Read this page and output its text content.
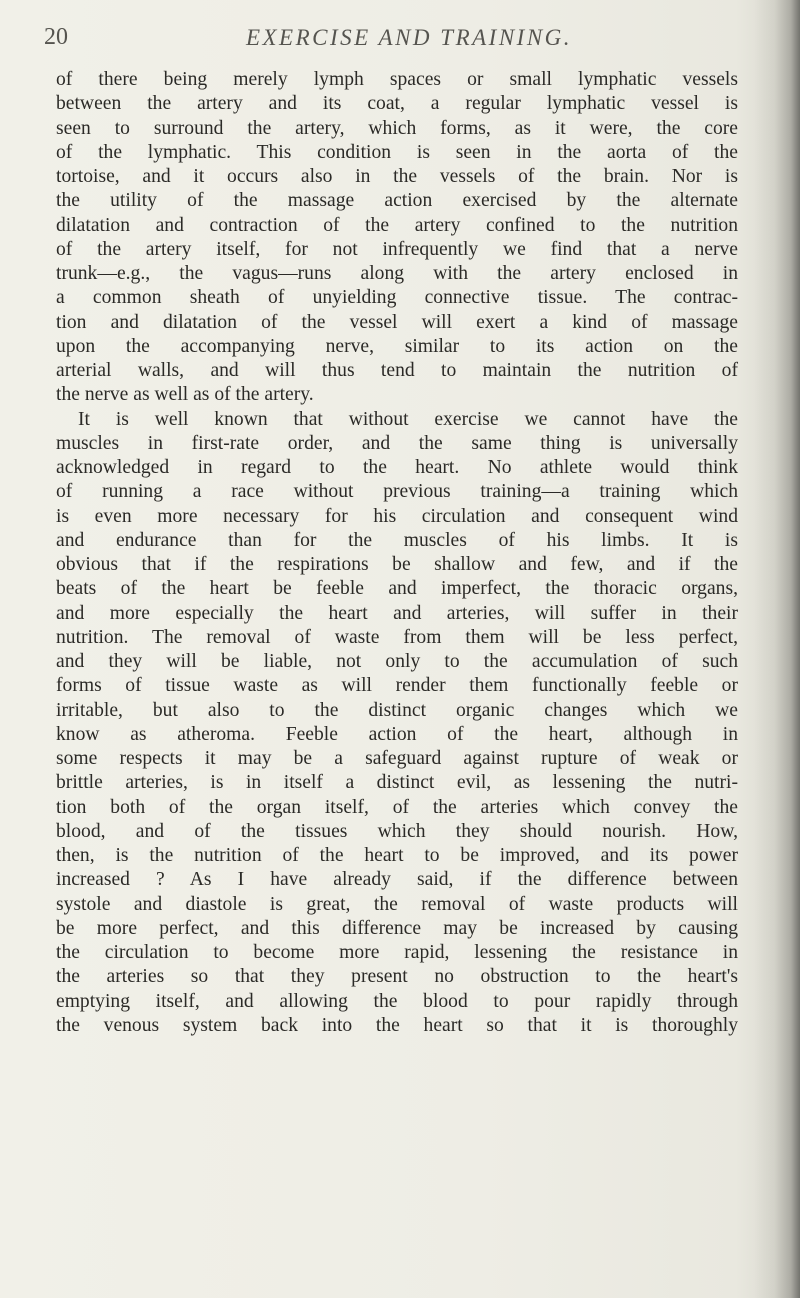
20	EXERCISE AND TRAINING.
of there being merely lymph spaces or small lymphatic vessels
between the artery and its coat, a regular lymphatic vessel is
seen to surround the artery, which forms, as it were, the core
of the lymphatic. This condition is seen in the aorta of the
tortoise, and it occurs also in the vessels of the brain. Nor is
the utility of the massage action exercised by the alternate
dilatation and contraction of the artery confined to the nutrition
of the artery itself, for not infrequently we find that a nerve
trunk—e.g., the vagus—runs along with the artery enclosed in
a common sheath of unyielding connective tissue. The contrac-
tion and dilatation of the vessel will exert a kind of massage
upon the accompanying nerve, similar to its action on the
arterial walls, and will thus tend to maintain the nutrition of
the nerve as well as of the artery.
It is well known that without exercise we cannot have the
muscles in first-rate order, and the same thing is universally
acknowledged in regard to the heart. No athlete would think
of running a race without previous training—a training which
is even more necessary for his circulation and consequent wind
and endurance than for the muscles of his limbs. It is
obvious that if the respirations be shallow and few, and if the
beats of the heart be feeble and imperfect, the thoracic organs,
and more especially the heart and arteries, will suffer in their
nutrition. The removal of waste from them will be less perfect,
and they will be liable, not only to the accumulation of such
forms of tissue waste as will render them functionally feeble or
irritable, but also to the distinct organic changes which we
know as atheroma. Feeble action of the heart, although in
some respects it may be a safeguard against rupture of weak or
brittle arteries, is in itself a distinct evil, as lessening the nutri-
tion both of the organ itself, of the arteries which convey the
blood, and of the tissues which they should nourish. How,
then, is the nutrition of the heart to be improved, and its power
increased ? As I have already said, if the difference between
systole and diastole is great, the removal of waste products will
be more perfect, and this difference may be increased by causing
the circulation to become more rapid, lessening the resistance in
the arteries so that they present no obstruction to the heart's
emptying itself, and allowing the blood to pour rapidly through
the venous system back into the heart so that it is thoroughly
